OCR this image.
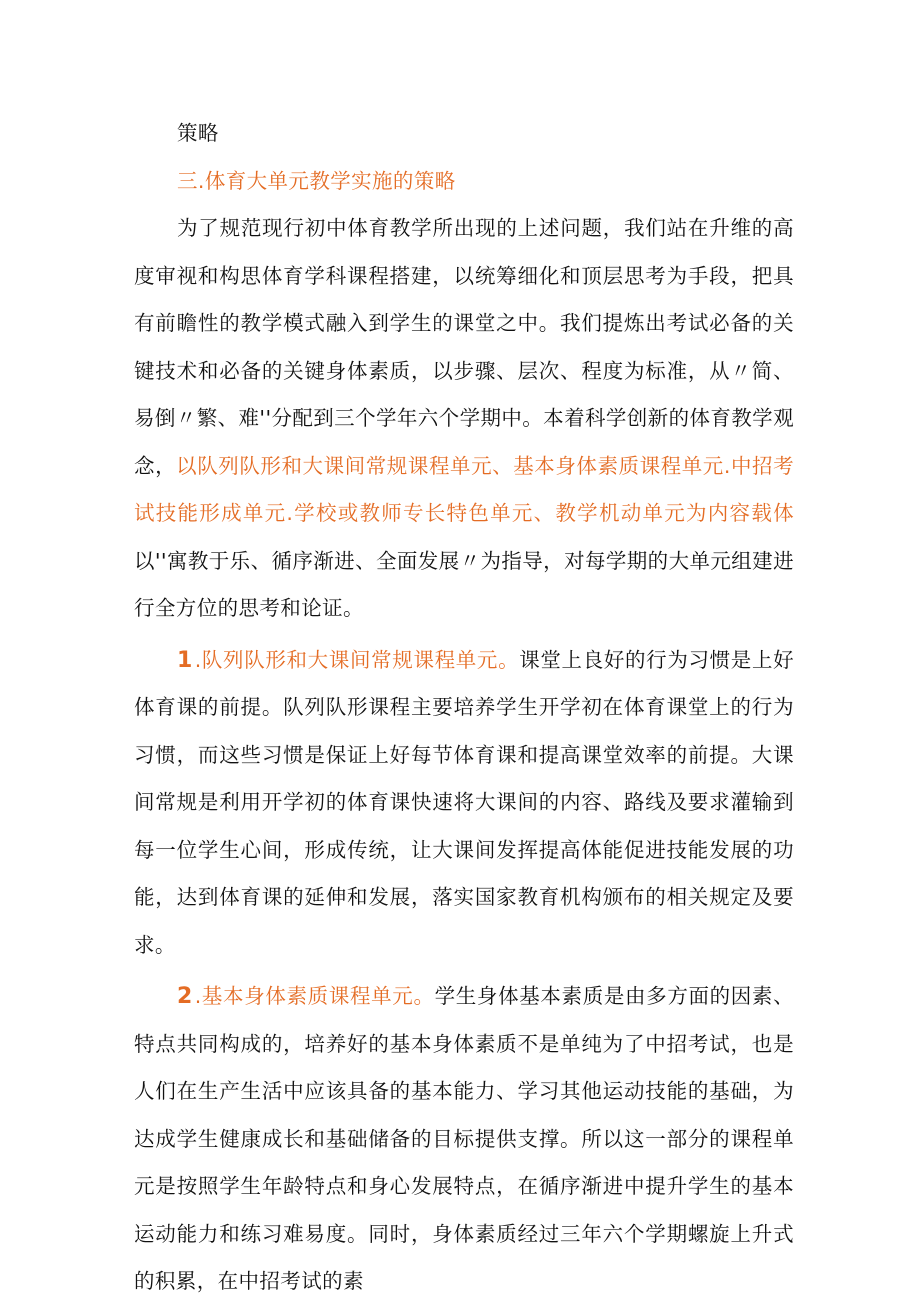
策略

三.体育大单元教学实施的策略

为了规范现行初中体育教学所出现的上述问题，我们站在升维的高度审视和构思体育学科课程搭建，以统筹细化和顶层思考为手段，把具有前瞻性的教学模式融入到学生的课堂之中。我们提炼出考试必备的关键技术和必备的关键身体素质，以步骤、层次、程度为标准，从〃简、易倒〃繁、难''分配到三个学年六个学期中。本着科学创新的体育教学观念，以队列队形和大课间常规课程单元、基本身体素质课程单元.中招考试技能形成单元.学校或教师专长特色单元、教学机动单元为内容载体以''寓教于乐、循序渐进、全面发展〃为指导，对每学期的大单元组建进行全方位的思考和论证。

1.队列队形和大课间常规课程单元。课堂上良好的行为习惯是上好体育课的前提。队列队形课程主要培养学生开学初在体育课堂上的行为习惯，而这些习惯是保证上好每节体育课和提高课堂效率的前提。大课间常规是利用开学初的体育课快速将大课间的内容、路线及要求灌输到每一位学生心间，形成传统，让大课间发挥提高体能促进技能发展的功能，达到体育课的延伸和发展，落实国家教育机构颁布的相关规定及要求。

2.基本身体素质课程单元。学生身体基本素质是由多方面的因素、特点共同构成的，培养好的基本身体素质不是单纯为了中招考试，也是人们在生产生活中应该具备的基本能力、学习其他运动技能的基础，为达成学生健康成长和基础储备的目标提供支撑。所以这一部分的课程单元是按照学生年龄特点和身心发展特点，在循序渐进中提升学生的基本运动能力和练习难易度。同时，身体素质经过三年六个学期螺旋上升式的积累，在中招考试的素
